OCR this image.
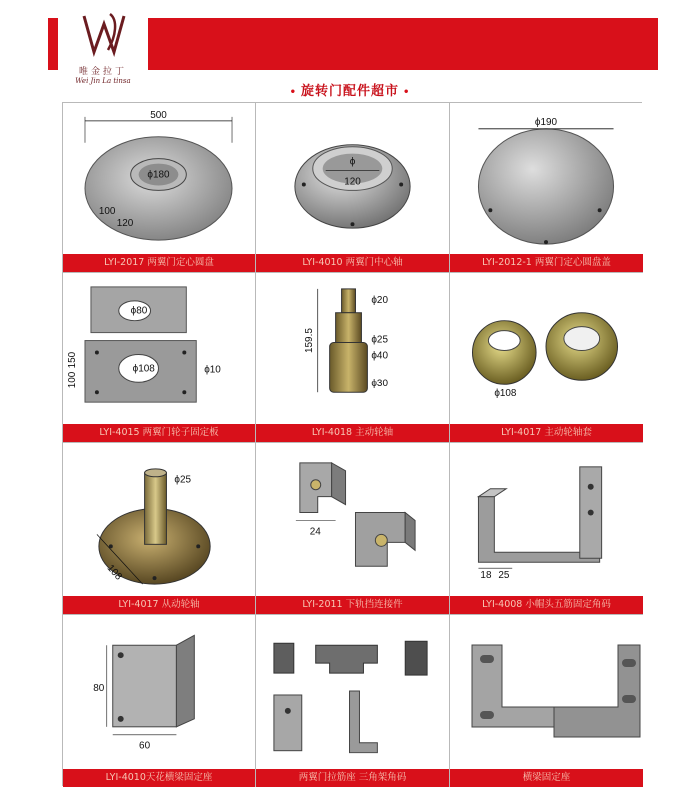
唯金拉丁
Wei Jin La tinsa
• 旋转门配件超市 •
500
ϕ180
100
120
LYI-2017 两翼门定心圆盘
ϕ
120
LYI-4010 两翼门中心轴
ϕ190
LYI-2012-1 两翼门定心圆盘盖
ϕ80
ϕ108	ϕ10
150
100
LYI-4015 两翼门轮子固定板
ϕ20
ϕ25
ϕ40
ϕ30
159.5
LYI-4018 主动轮轴
ϕ108
LYI-4017 主动轮轴套
ϕ25
108
LYI-4017 从动轮轴
24
LYI-2011 下轨挡连接件
18 25
LYI-4008 小帽头五筋固定角码
80
60
LYI-4010天花横梁固定座	两翼门拉筋座 三角架角码	横梁固定座
